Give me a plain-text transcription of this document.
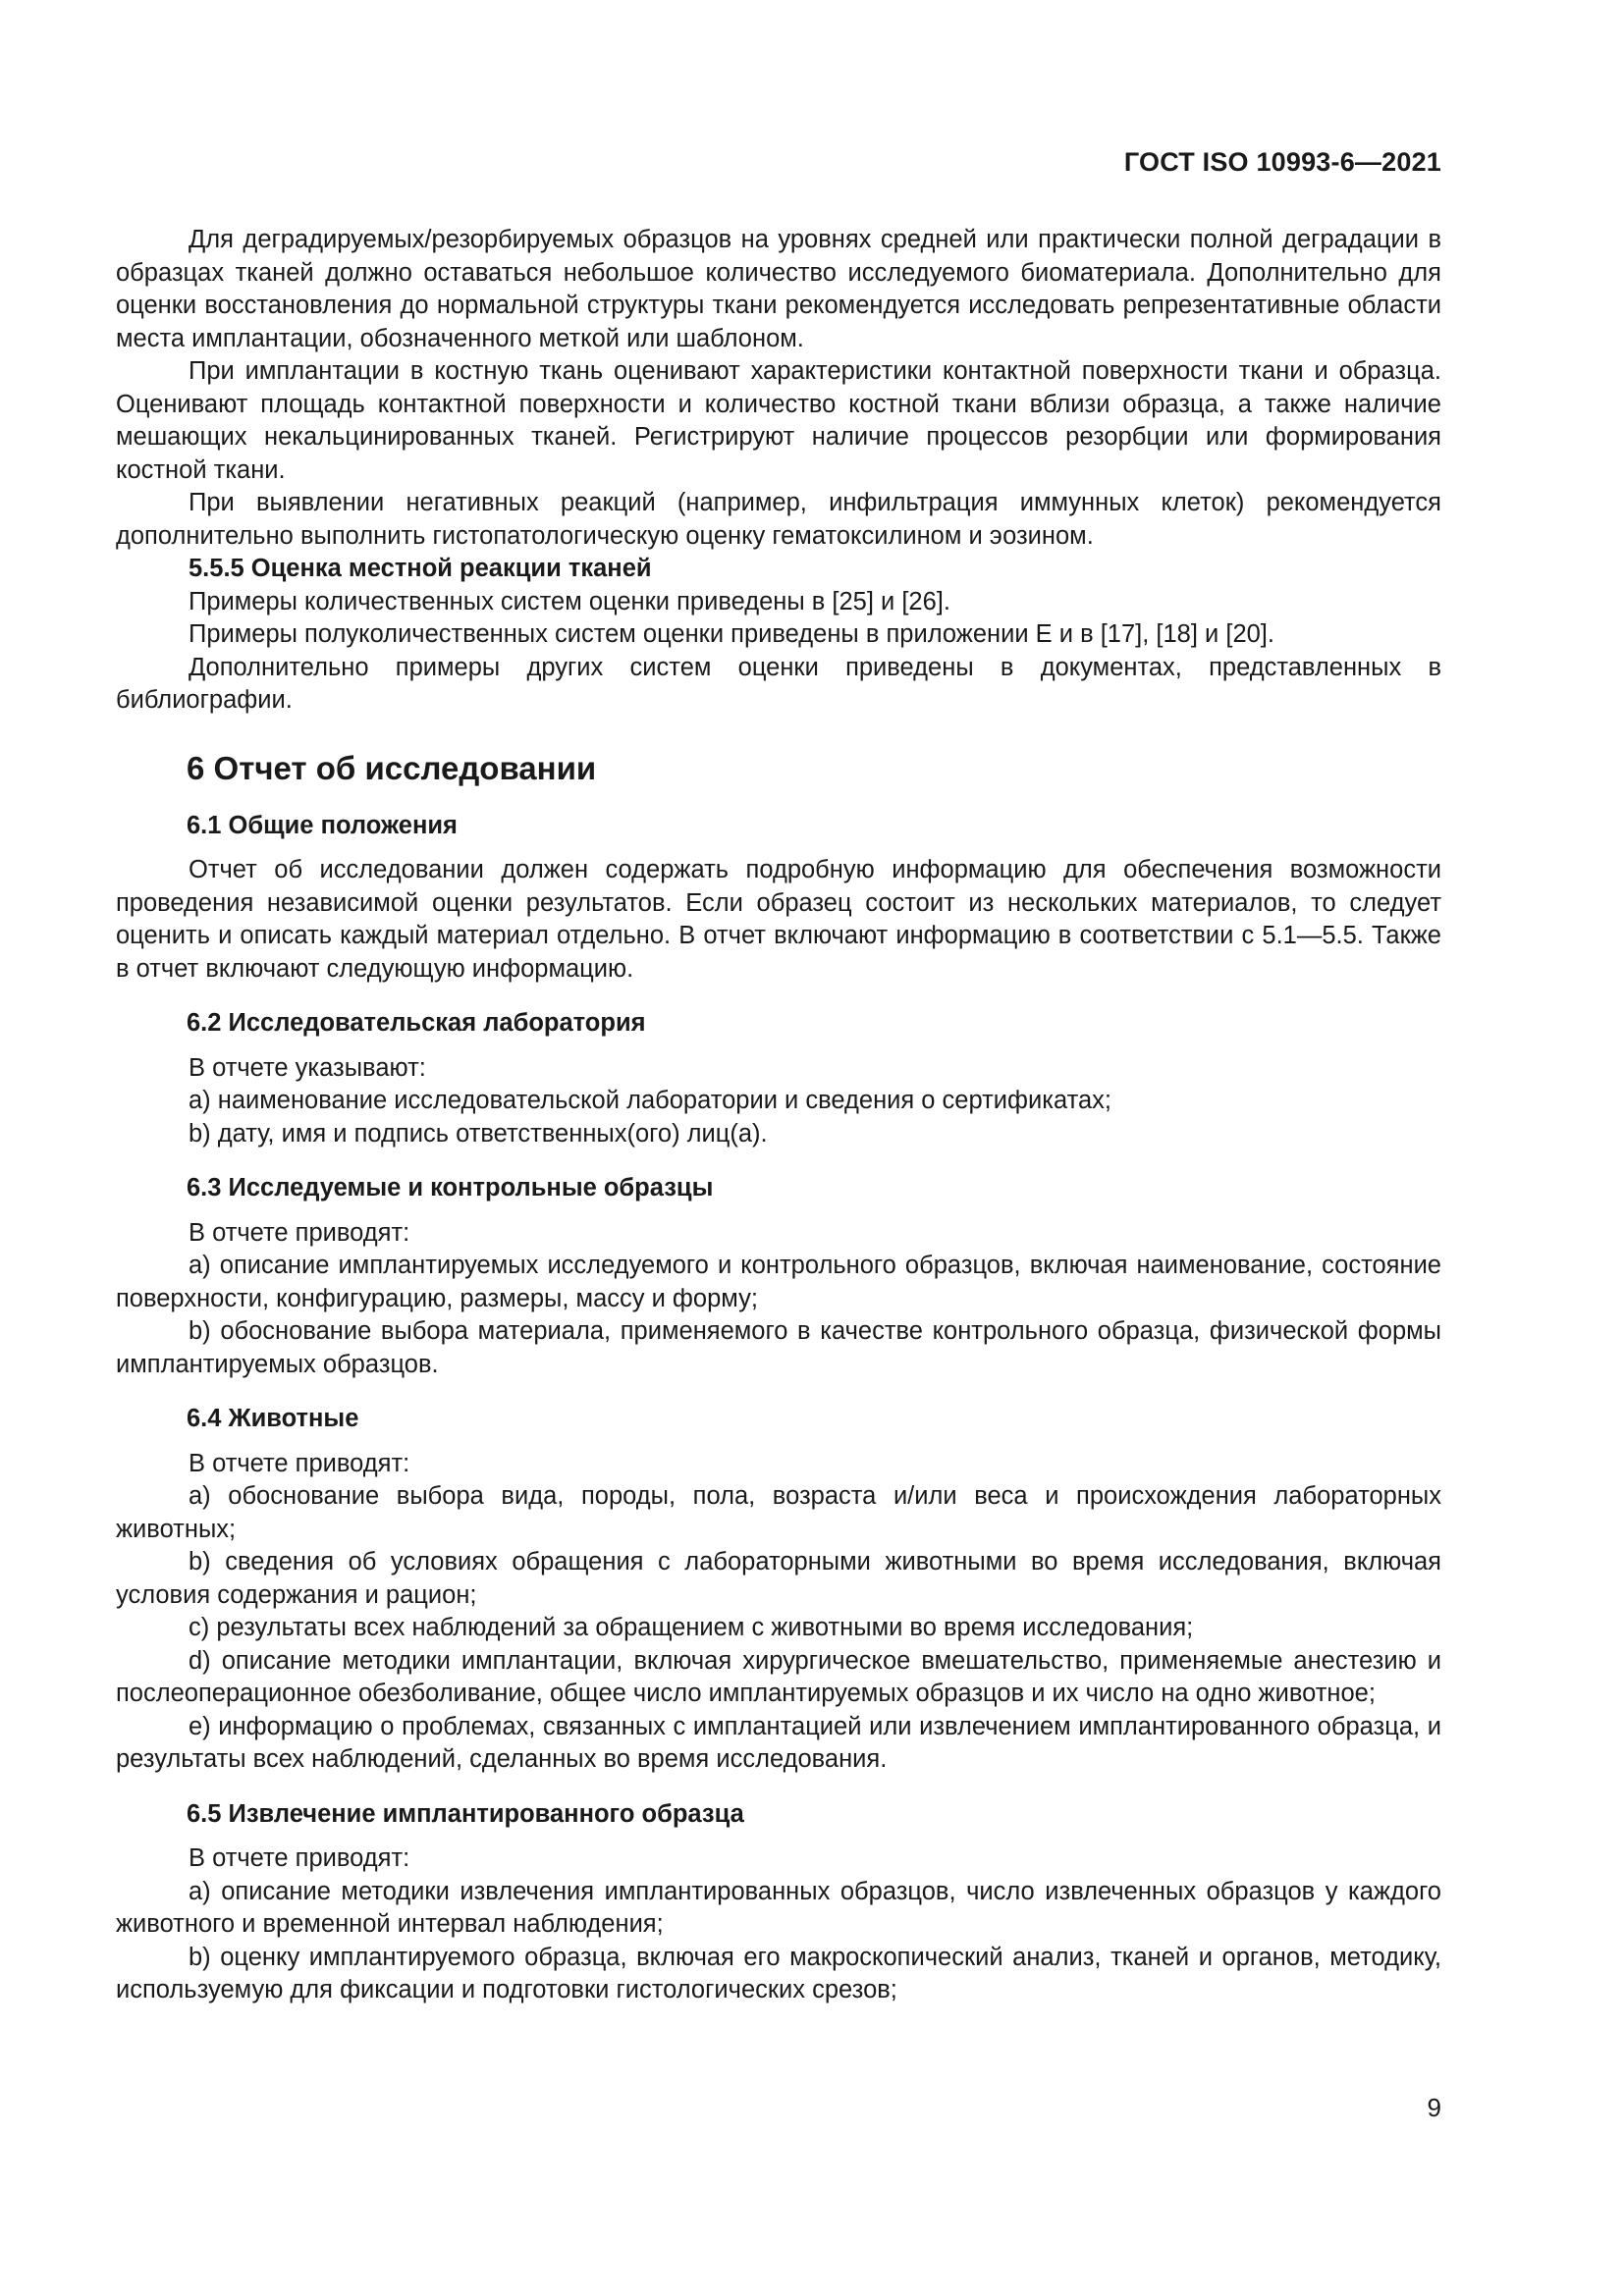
ГОСТ ISO 10993-6—2021

Для деградируемых/резорбируемых образцов на уровнях средней или практически полной деградации в образцах тканей должно оставаться небольшое количество исследуемого биоматериала. Дополнительно для оценки восстановления до нормальной структуры ткани рекомендуется исследовать репрезентативные области места имплантации, обозначенного меткой или шаблоном.

При имплантации в костную ткань оценивают характеристики контактной поверхности ткани и образца. Оценивают площадь контактной поверхности и количество костной ткани вблизи образца, а также наличие мешающих некальцинированных тканей. Регистрируют наличие процессов резорбции или формирования костной ткани.

При выявлении негативных реакций (например, инфильтрация иммунных клеток) рекомендуется дополнительно выполнить гистопатологическую оценку гематоксилином и эозином.

5.5.5 Оценка местной реакции тканей

Примеры количественных систем оценки приведены в [25] и [26].

Примеры полуколичественных систем оценки приведены в приложении Е и в [17], [18] и [20].

Дополнительно примеры других систем оценки приведены в документах, представленных в библиографии.

6 Отчет об исследовании
6.1 Общие положения

Отчет об исследовании должен содержать подробную информацию для обеспечения возможности проведения независимой оценки результатов. Если образец состоит из нескольких материалов, то следует оценить и описать каждый материал отдельно. В отчет включают информацию в соответствии с 5.1—5.5. Также в отчет включают следующую информацию.

6.2 Исследовательская лаборатория

В отчете указывают:

a) наименование исследовательской лаборатории и сведения о сертификатах;
b) дату, имя и подпись ответственных(ого) лиц(а).
6.3 Исследуемые и контрольные образцы

В отчете приводят:

a) описание имплантируемых исследуемого и контрольного образцов, включая наименование, состояние поверхности, конфигурацию, размеры, массу и форму;
b) обоснование выбора материала, применяемого в качестве контрольного образца, физической формы имплантируемых образцов.
6.4 Животные

В отчете приводят:

a) обоснование выбора вида, породы, пола, возраста и/или веса и происхождения лабораторных животных;
b) сведения об условиях обращения с лабораторными животными во время исследования, включая условия содержания и рацион;
c) результаты всех наблюдений за обращением с животными во время исследования;
d) описание методики имплантации, включая хирургическое вмешательство, применяемые анестезию и послеоперационное обезболивание, общее число имплантируемых образцов и их число на одно животное;
e) информацию о проблемах, связанных с имплантацией или извлечением имплантированного образца, и результаты всех наблюдений, сделанных во время исследования.
6.5 Извлечение имплантированного образца

В отчете приводят:

a) описание методики извлечения имплантированных образцов, число извлеченных образцов у каждого животного и временной интервал наблюдения;
b) оценку имплантируемого образца, включая его макроскопический анализ, тканей и органов, методику, используемую для фиксации и подготовки гистологических срезов;
9
